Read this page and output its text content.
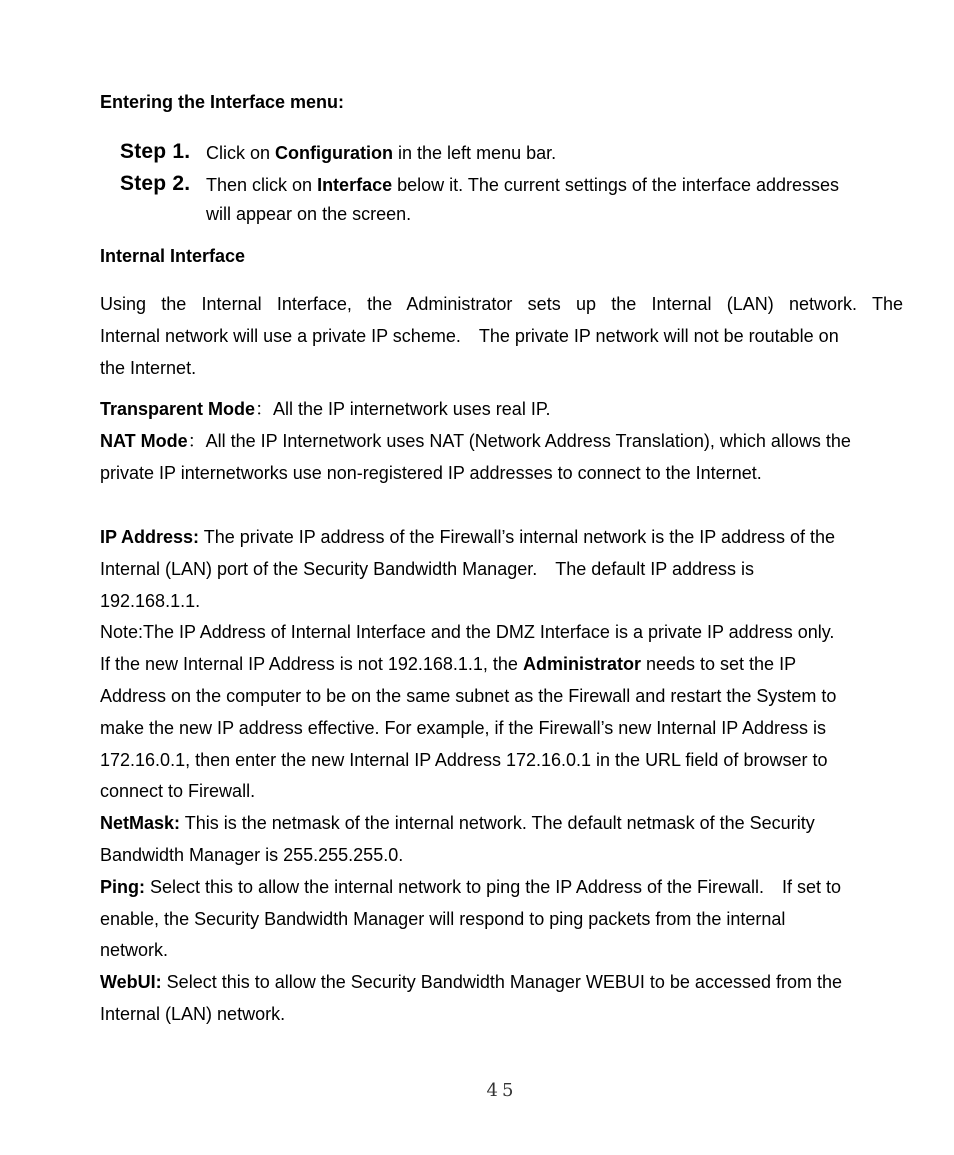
Entering the Interface menu:
Step 1. Click on Configuration in the left menu bar.
Step 2. Then click on Interface below it. The current settings of the interface addresses
will appear on the screen.
Internal Interface
Using the Internal Interface, the Administrator sets up the Internal (LAN) network. The
Internal network will use a private IP scheme.　The private IP network will not be routable on
the Internet.
Transparent Mode：All the IP internetwork uses real IP.
NAT Mode：All the IP Internetwork uses NAT (Network Address Translation), which allows the
private IP internetworks use non-registered IP addresses to connect to the Internet.
IP Address: The private IP address of the Firewall’s internal network is the IP address of the
Internal (LAN) port of the Security Bandwidth Manager.　The default IP address is
192.168.1.1.
Note:The IP Address of Internal Interface and the DMZ Interface is a private IP address only.
If the new Internal IP Address is not 192.168.1.1, the Administrator needs to set the IP
Address on the computer to be on the same subnet as the Firewall and restart the System to
make the new IP address effective. For example, if the Firewall’s new Internal IP Address is
172.16.0.1, then enter the new Internal IP Address 172.16.0.1 in the URL field of browser to
connect to Firewall.
NetMask: This is the netmask of the internal network. The default netmask of the Security
Bandwidth Manager is 255.255.255.0.
Ping: Select this to allow the internal network to ping the IP Address of the Firewall.　If set to
enable, the Security Bandwidth Manager will respond to ping packets from the internal
network.
WebUI: Select this to allow the Security Bandwidth Manager WEBUI to be accessed from the
Internal (LAN) network.
45
